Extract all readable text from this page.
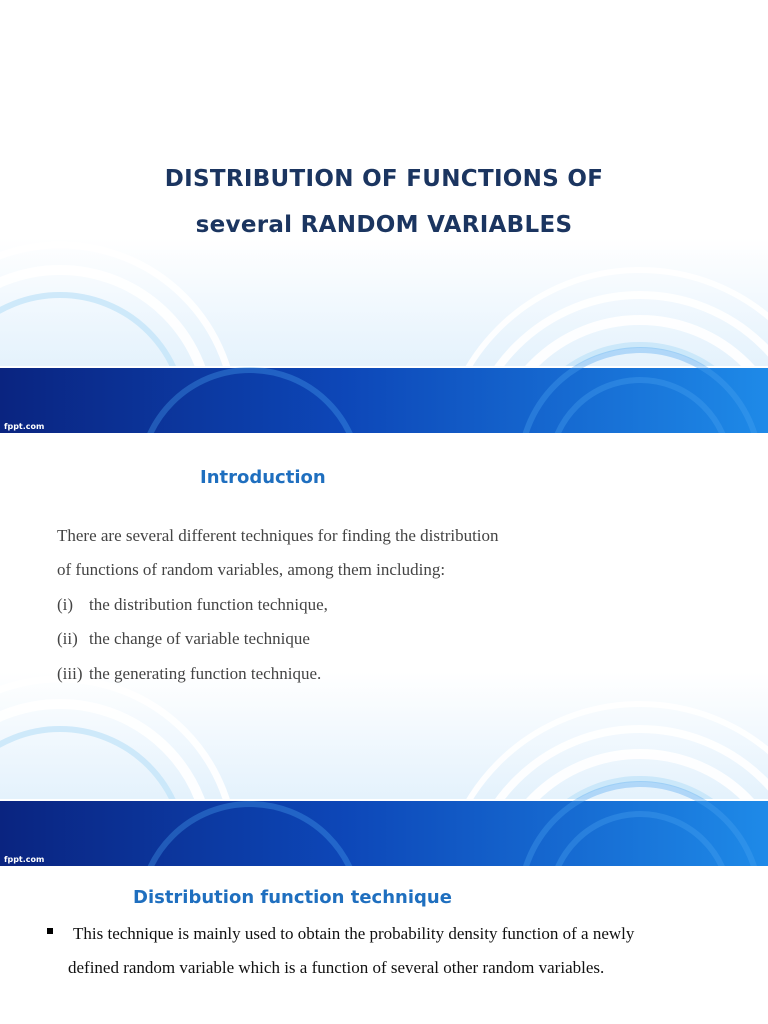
DISTRIBUTION OF FUNCTIONS OF
several RANDOM VARIABLES
fppt.com
Introduction
There are several different techniques for finding the distribution
of functions of random variables, among them including:
(i) the distribution function technique,
(ii) the change of variable technique
(iii) the generating function technique.
fppt.com
Distribution function technique
This technique is mainly used to obtain the probability density function of a newly
defined random variable which is a function of several other random variables.
